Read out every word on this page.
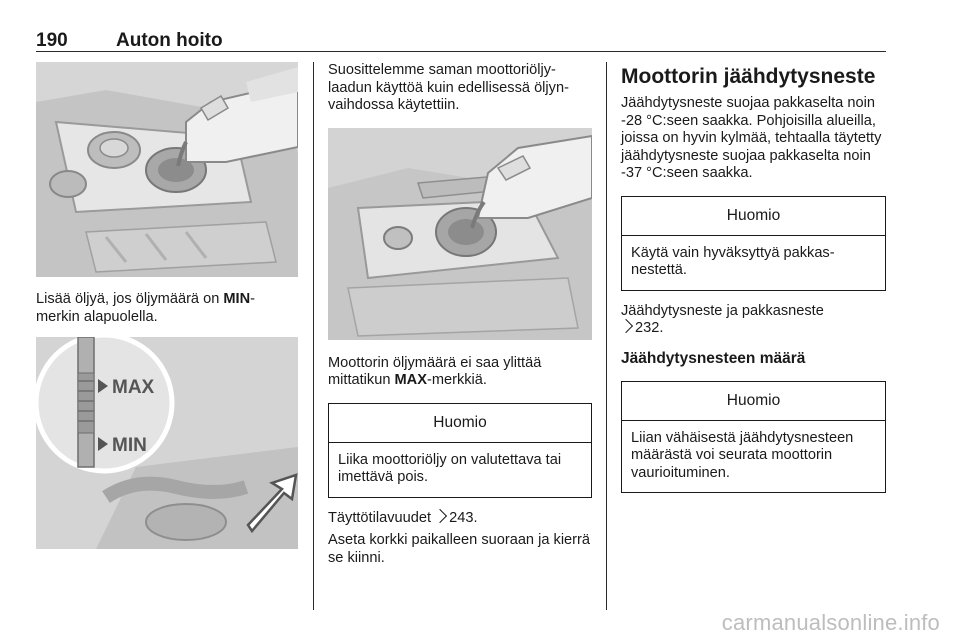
190	Auton hoito

Lisää öljyä, jos öljymäärä on MIN-merkin alapuolella.

MAX
MIN

Suosittelemme saman moottoriöljylaadun käyttöä kuin edellisessä öljynvaihdossa käytettiin.

Moottorin öljymäärä ei saa ylittää mittatikun MAX-merkkiä.

Huomio
Liika moottoriöljy on valutettava tai imettävä pois.

Täyttötilavuudet 243.

Aseta korkki paikalleen suoraan ja kierrä se kiinni.

Moottorin jäähdytysneste

Jäähdytysneste suojaa pakkaselta noin -28 °C:seen saakka. Pohjoisilla alueilla, joissa on hyvin kylmää, tehtaalla täytetty jäähdytysneste suojaa pakkaselta noin -37 °C:seen saakka.

Huomio
Käytä vain hyväksyttyä pakkasnestettä.

Jäähdytysneste ja pakkasneste
232.

Jäähdytysnesteen määrä
Huomio
Liian vähäisestä jäähdytysnesteen määrästä voi seurata moottorin vaurioituminen.
carmanualsonline.info
